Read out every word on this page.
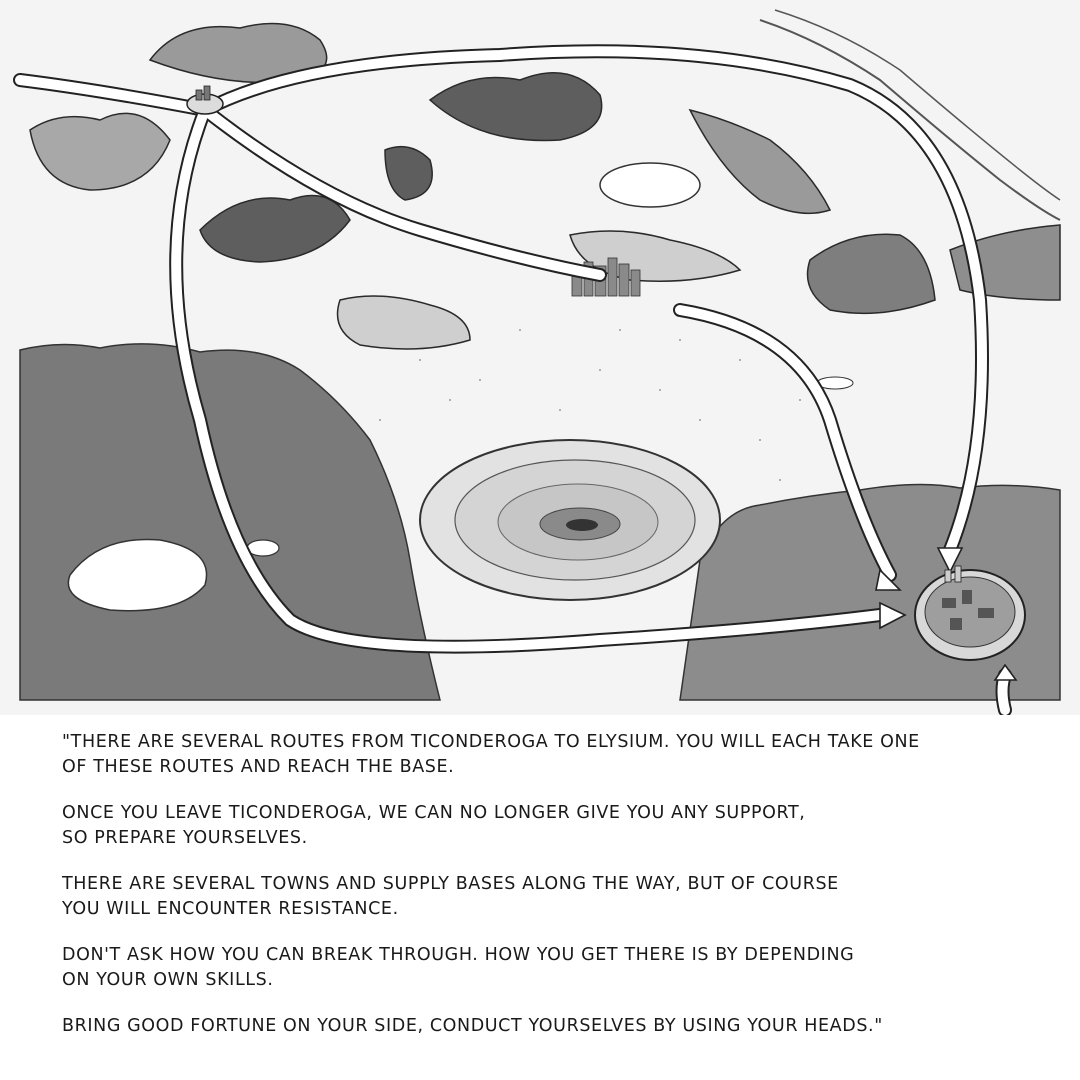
"THERE ARE SEVERAL ROUTES FROM TICONDEROGA TO ELYSIUM. YOU WILL EACH TAKE ONE
OF THESE ROUTES AND REACH THE BASE.

ONCE YOU LEAVE TICONDEROGA, WE CAN NO LONGER GIVE YOU ANY SUPPORT,
SO PREPARE YOURSELVES.

THERE ARE SEVERAL TOWNS AND SUPPLY BASES ALONG THE WAY, BUT OF COURSE
YOU WILL ENCOUNTER RESISTANCE.

DON'T ASK HOW YOU CAN BREAK THROUGH. HOW YOU GET THERE IS BY DEPENDING
ON YOUR OWN SKILLS.

BRING GOOD FORTUNE ON YOUR SIDE, CONDUCT YOURSELVES BY USING YOUR HEADS."
